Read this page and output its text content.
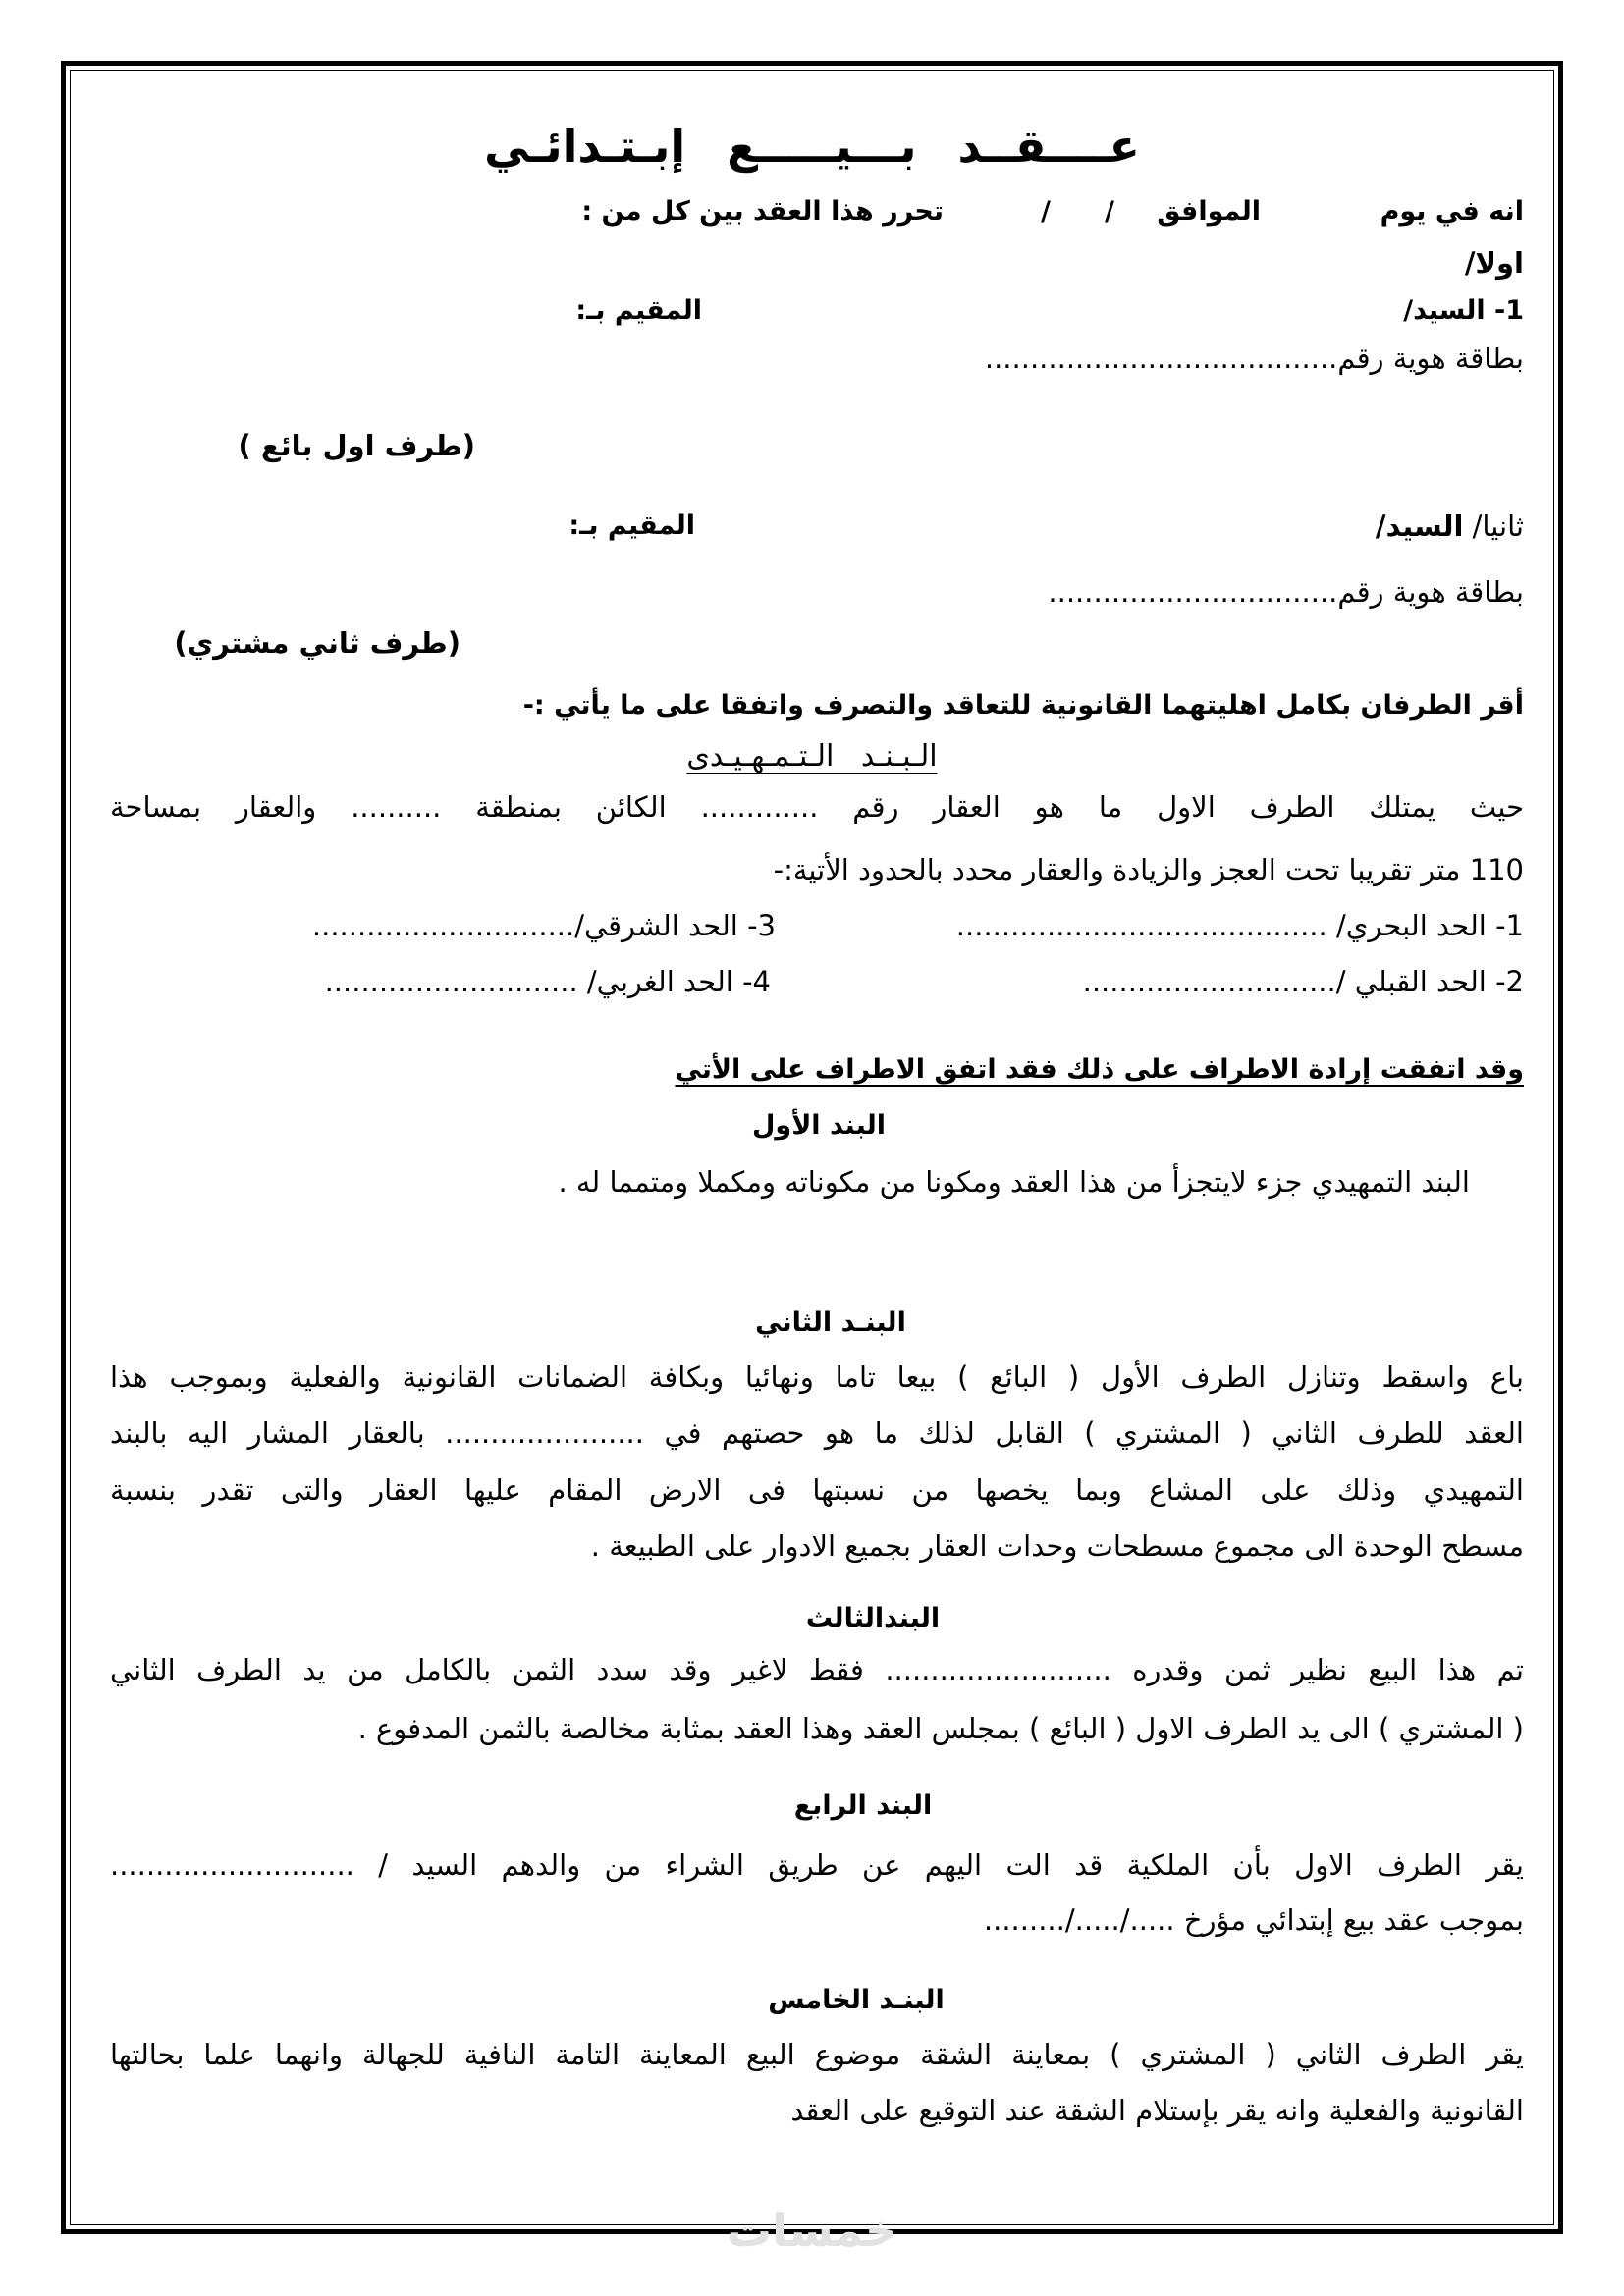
عــــقــد بـــيـــــع إبـتـدائـي
انه في يوم
الموافق
/
/
تحرر هذا العقد بين كل من :
اولا/
1- السيد/
المقيم بـ:
بطاقة هوية رقم.......................................
(طرف اول بائع )
ثانيا/ السيد/
المقيم بـ:
بطاقة هوية رقم................................
(طرف ثاني مشتري)
أقر الطرفان بكامل اهليتهما القانونية للتعاقد والتصرف واتفقا على ما يأتي :-
الـبـنـد الـتـمـهـيـدى
حيث يمتلك الطرف الاول ما هو العقار رقم ............. الكائن بمنطقة .......... والعقار بمساحة
110 متر تقريبا تحت العجز والزيادة والعقار محدد بالحدود الأتية:-
1- الحد البحري/ .........................................
3- الحد الشرقي/.............................
2- الحد القبلي /............................
4- الحد الغربي/ ............................
وقد اتفقت إرادة الاطراف على ذلك فقد اتفق الاطراف على الأتي
البند الأول
البند التمهيدي جزء لايتجزأ من هذا العقد ومكونا من مكوناته ومكملا ومتمما له .
البنـد الثاني
باع واسقط وتنازل الطرف الأول ( البائع ) بيعا تاما ونهائيا وبكافة الضمانات القانونية والفعلية وبموجب هذا
العقد للطرف الثاني ( المشتري ) القابل لذلك ما هو حصتهم في ...................... بالعقار المشار اليه بالبند
التمهيدي وذلك على المشاع وبما يخصها من نسبتها فى الارض المقام عليها العقار والتى تقدر بنسبة
مسطح الوحدة الى مجموع مسطحات وحدات العقار بجميع الادوار على الطبيعة .
البندالثالث
تم هذا البيع نظير ثمن وقدره ......................... فقط لاغير وقد سدد الثمن بالكامل من يد الطرف الثاني
( المشتري ) الى يد الطرف الاول ( البائع ) بمجلس العقد وهذا العقد بمثابة مخالصة بالثمن المدفوع .
البند الرابع
يقر الطرف الاول بأن الملكية قد الت اليهم عن طريق الشراء من والدهم السيد / ...........................
بموجب عقد بيع إبتدائي مؤرخ ...../...../.........
البنـد الخامس
يقر الطرف الثاني ( المشتري ) بمعاينة الشقة موضوع البيع المعاينة التامة النافية للجهالة وانهما علما بحالتها
القانونية والفعلية وانه يقر بإستلام الشقة عند التوقيع على العقد
خمسات
